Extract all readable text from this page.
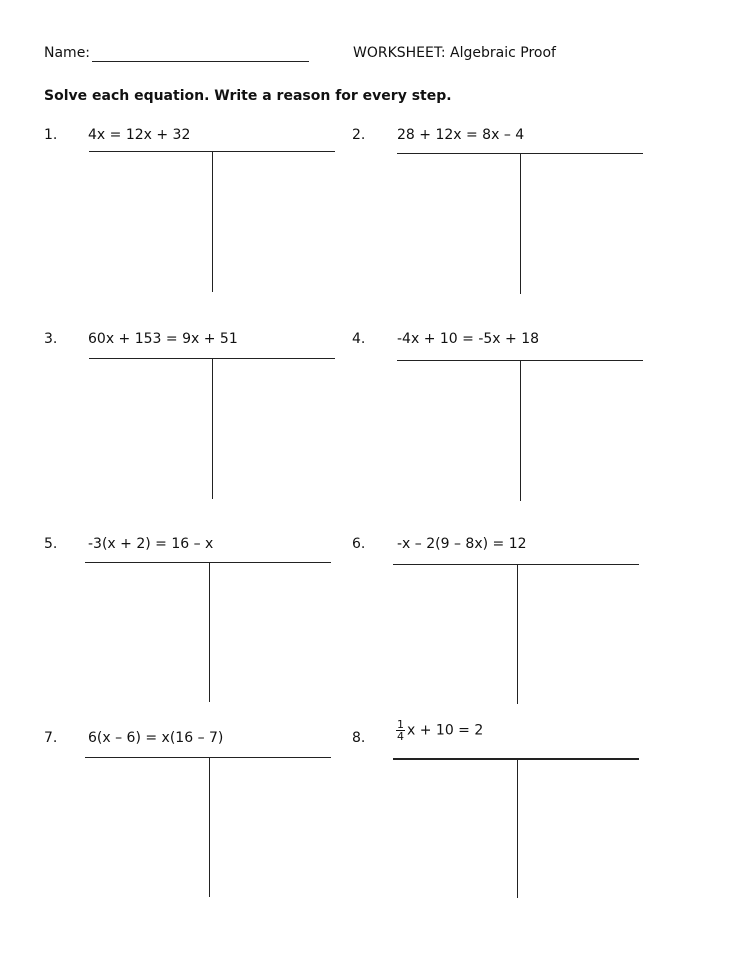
Name:	WORKSHEET: Algebraic Proof
Solve each equation. Write a reason for every step.
1. 4x = 12x + 32	2. 28 + 12x = 8x – 4
3. 60x + 153 = 9x + 51	4. -4x + 10 = -5x + 18
5. -3(x + 2) = 16 – x	6. -x – 2(9 – 8x) = 12
7. 6(x – 6) = x(16 – 7)	8.	$\frac{1}{4}$ x + 10 = 2
